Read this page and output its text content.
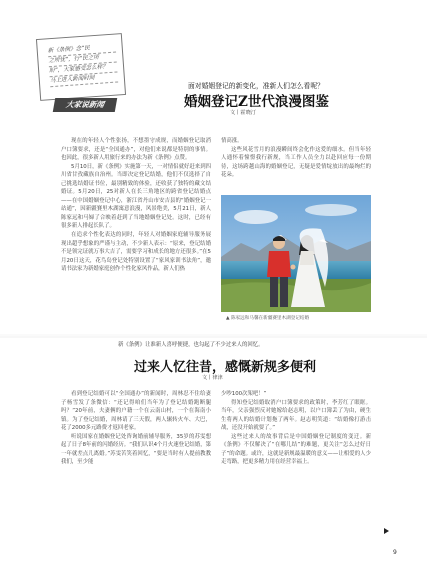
新《条例》念“民
之所忧”，行“民之所
盼”，大家感受怎么样？
马上进入新闻时间
大家说新闻
面对婚姻登记的新变化，准新人们怎么看呢？
婚姻登记Z世代浪漫图鉴
文丨霍晓汀

现在的年轻人个性张扬，不想墨守成规，而婚姻登记取消户口簿要求，还是“全国通办”，对他们来说都是特别的事情。也因此，很多新人用旅行来的办法为新《条例》点赞。

5月10日，新《条例》实施第一天，一对情侣就好赶来到四川省甘孜藏族自治州。当即决定登记结婚，他们不仅选择了自己挑选结婚证书位，最别精致的体验，还收获了独特的藏文结婚证。5月20日，25对新人在长三角地区的跨省登记结婚点——在中国婚姻登记中心，浙江省丹山市安吉县的“婚姻登记一站通”，因新疆賽里木湖寓意浪漫，风景绝美，5月21日，新人陈家远和马婦了合映着赶到了当地婚姻登记处。这时，已经有很多新人排起长队了。

在追求个性化表达的同时，年轻人对婚姻家庭辅导服务展现出超乎想象的严谨与主动，不少新人表示：“原来，登记结婚不是领完证就万事大吉了，需要学习和成长的地方还很多。”在5月20日这天，花鸟岛登记处特别设置了“家风家训书法角”，邀请书法家为新婚家庭创作个性化家风作品，新人们热

情高涨。

这些风花雪月的浪漫瞬间终会化作这爱的细水。但当年轻人通怀着憧憬我行新规，当工作人员全力以赴回应每一份期待，这场跨越山海的婚姻登记，无疑是爱情绽放出的最绚烂的花朵。

▲ 陈家远和马馨在新疆赛里木湖登记结婚
新《条例》让准新人喜呼便捷，也勾起了不少过来人的回忆。
过来人忆往昔，感慨新规多便利
文丨律津

看到登记结婚可以“全国通办”的新闻时，周林忍不住给妻子杨雪发了条微信：“还记得咱们当年为了登记结婚跑断腿吗？”20年前，夫妻俩的户籍一个在云南山村，一个在海南小镇。为了登记结婚，周林请了三天假，两人辗转火车、大巴，花了2000多元路费才返回老家。

听说国家在婚姻登记处咨询婚前辅导服务，35岁的苏雯想起了日子8年前的闪婚经历。“我们认识4个月火速登记结婚，第一年就差点儿离婚。”苏雯苦笑着回忆，“要是当时有人提前教教我们，至少能

少吵100次架吧！”

得知登记结婚取消户口簿要求的政策时，李芳红了眼眶。当年，父亲强烈反对她嫁给赵志明，以户口簿丢了为由，硬生生将两人的结婚计划拖了两年。赵志明笑道：“结婚像打游击战，还没开始就要了。”

这些过来人的故事背后是中国婚姻登记制度的变迁。新《条例》不仅解决了“在哪儿结”的难题，更关注“怎么过好日子”的命题。或许，这就是新规最温暖的意义——让相爱的人少走弯路，把更多精力用在经营幸福上。

9
